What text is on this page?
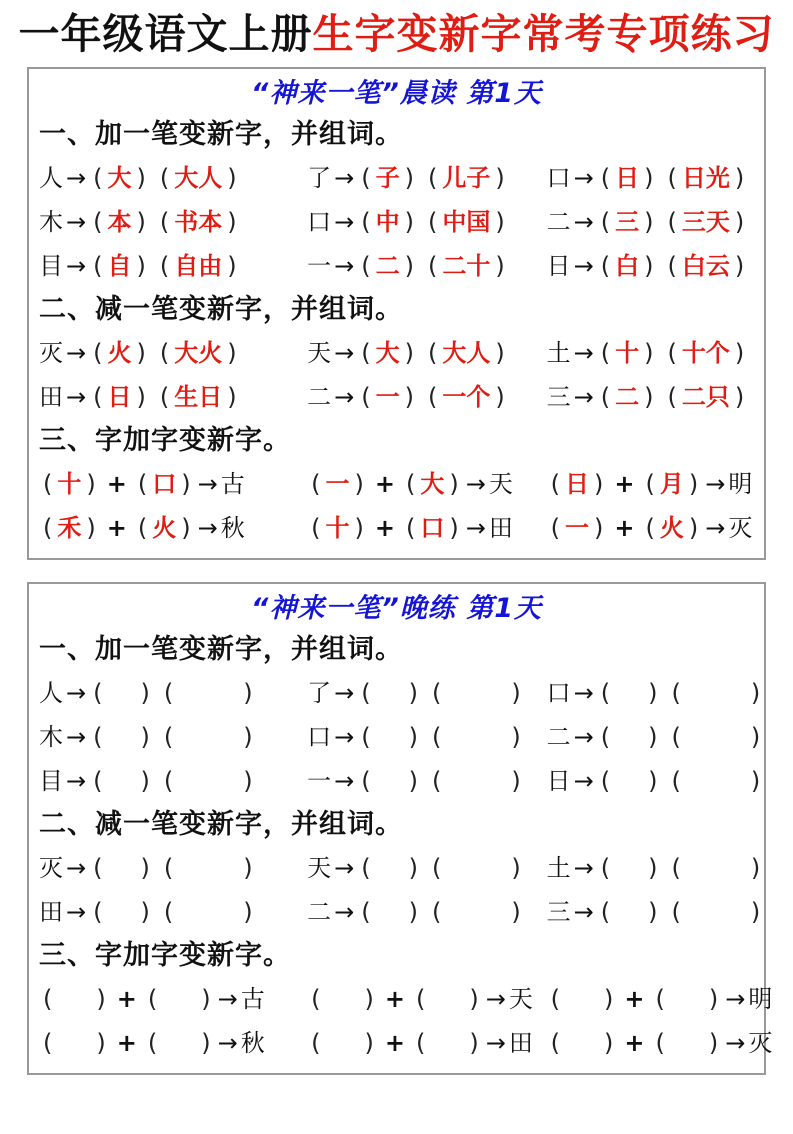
一年级语文上册生字变新字常考专项练习
“神来一笔”晨读 第1天
一、加一笔变新字，并组词。
人 → ( 大 ) ( 大人 )	了 → ( 子 ) ( 儿子 )	口 → ( 日 ) ( 日光 )
木 → ( 本 ) ( 书本 )	口 → ( 中 ) ( 中国 )	二 → ( 三 ) ( 三天 )
目 → ( 自 ) ( 自由 )	一 → ( 二 ) ( 二十 )	日 → ( 白 ) ( 白云 )
二、减一笔变新字，并组词。
灭 → ( 火 ) ( 大火 )	天 → ( 大 ) ( 大人 )	土 → ( 十 ) ( 十个 )
田 → ( 日 ) ( 生日 )	二 → ( 一 ) ( 一个 )	三 → ( 二 ) ( 二只 )
三、字加字变新字。
( 十 ) + ( 口 ) → 古	( 一 ) + ( 大 ) → 天	( 日 ) + ( 月 ) → 明
( 禾 ) + ( 火 ) → 秋	( 十 ) + ( 口 ) → 田	( 一 ) + ( 火 ) → 灭
“神来一笔”晚练 第1天
一、加一笔变新字，并组词。
人 → ( ) (	)	了 → ( ) (	)	口 → ( ) (	)
木 → ( ) (	)	口 → ( ) (	)	二 → ( ) (	)
目 → ( ) (	)	一 → ( ) (	)	日 → ( ) (	)
二、减一笔变新字，并组词。
灭 → ( ) (	)	天 → ( ) (	)	土 → ( ) (	)
田 → ( ) (	)	二 → ( ) (	)	三 → ( ) (	)
三、字加字变新字。
( ) + ( ) → 古	( ) + ( ) → 天 ( ) + ( ) → 明
( ) + ( ) → 秋	( ) + ( ) → 田 ( ) + ( ) → 灭
